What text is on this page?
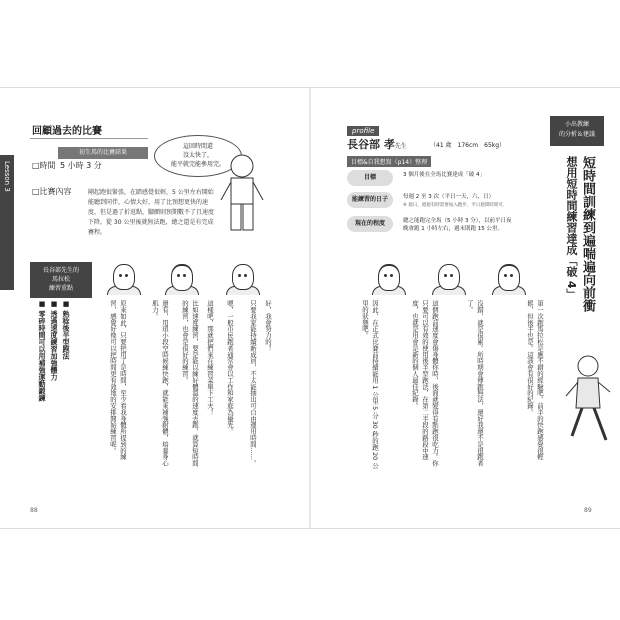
Lesson 3
回顧過去的比賽
初生馬的比賽結果
□時間 5 小時 3 分
□比賽內容	剛起跑很緊張，在踏感覺很輕，5 公里左右開始能聽到同伴，心情大好，用了比預想更快的速度，但是過了折返點，腳顫則預期數不了且速度下降。從 30 公里後就無法跑，總之還是有完成賽程。
這回時間還
沒太快了，
能平就完能參用完。
長谷部先生的
馬拉松
練習重點
■ 熟稔後半型跑法
■ 透過速度練習加強體力
■ 零碎時間可以用補強運動鍛鍊	好，我會努力的！
只要我家能持續新成員，不太能抽出可自由運用時間……。
嗯，一般市民跑者通常會以工作和家庭為優先。
這樣吧，那就把們來在練習菜單下工夫！
比如速度練習，要是能以練好體溫的速度去跑，就算短時間的練習，也會是很好的練習。
還有，用瑣小段空時候練快跑，就能來補強耐體，培養身心肌力。
原來如此，只要把用了是時間，至少看我身體所提到的練習，感覺好像可以把時間更有效地的安排開始練習呢。
88
profile
長谷部 孝先生	（41 歲　176cm　65kg）
目標&自我想寫（p14）整理
目標	3 個月後在全馬比賽達成「破 4」
能練習的日子	每週 2 至 3 次（平日一天，六、日）
※ 週日，週週有時需要加入跑步，平日週間時間可。
現在的程度	總之能跑完全馬（5 小時 3 分），以前平日夜晚會跑 1 小時左右，週末則跑 15 公里。
小出教練
的分析＆建議
想用短時間練習達成「破 4」 短時間訓練到遍喘遍向前衝
第一次跑馬拉松是應不錯的經驗吧。前半的快跑感覺很輕鬆，但後半也是。這該會有很好的紀錄。
沒錯，就是很累。所時期會傳跑無法，還好我還不是很跑者了。
這個跑前速度會傷身體你時，後面就變得有點跑很吃力。你只要可以有效的使用後半型跑法，在第二半段的路段中速度，也就是用會是新的個人最佳紀錄。
因此，在正式比賽前持續能用 1 公里 5 分 30 秒的跑 20 公里的狀態吧。
89
